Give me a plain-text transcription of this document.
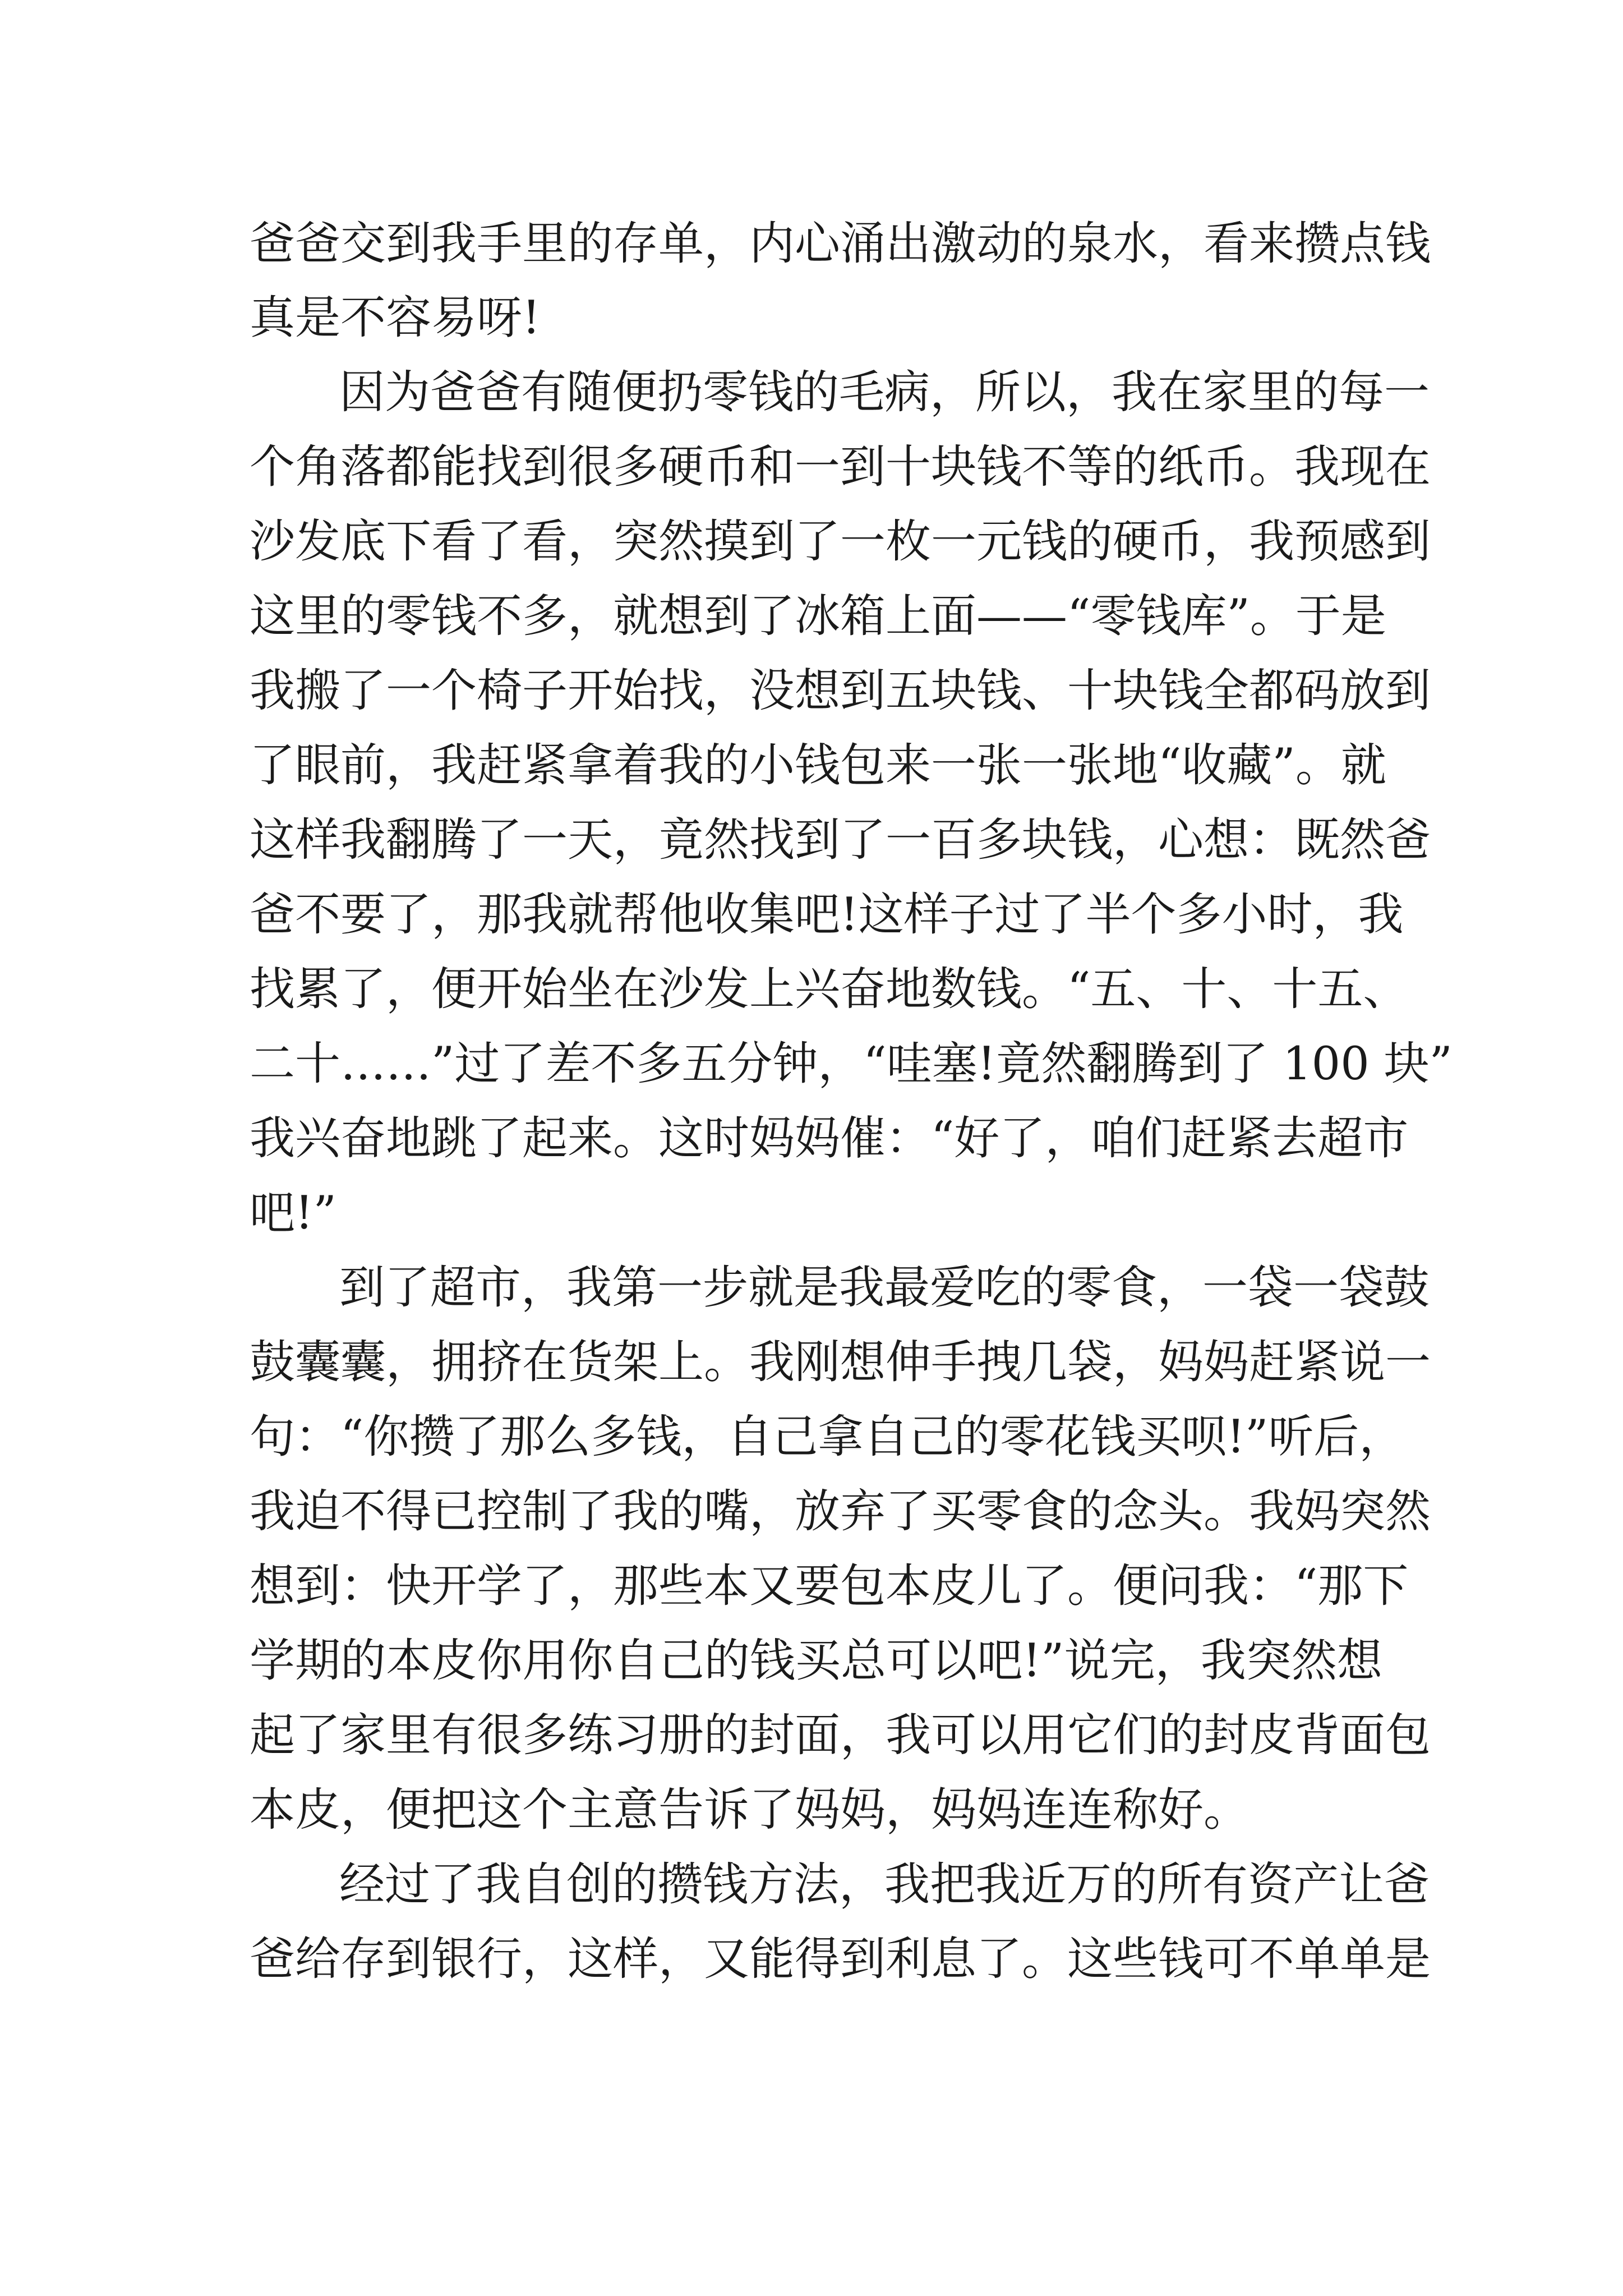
爸爸交到我手里的存单，内心涌出激动的泉水，看来攒点钱

真是不容易呀!

因为爸爸有随便扔零钱的毛病，所以，我在家里的每一

个角落都能找到很多硬币和一到十块钱不等的纸币。我现在

沙发底下看了看，突然摸到了一枚一元钱的硬币，我预感到

这里的零钱不多，就想到了冰箱上面——“零钱库”。于是

我搬了一个椅子开始找，没想到五块钱、十块钱全都码放到

了眼前，我赶紧拿着我的小钱包来一张一张地“收藏”。就

这样我翻腾了一天，竟然找到了一百多块钱，心想：既然爸

爸不要了，那我就帮他收集吧!这样子过了半个多小时，我

找累了，便开始坐在沙发上兴奋地数钱。“五、十、十五、

二十……”过了差不多五分钟，“哇塞!竟然翻腾到了 100 块”

我兴奋地跳了起来。这时妈妈催：“好了，咱们赶紧去超市

吧!”

到了超市，我第一步就是我最爱吃的零食，一袋一袋鼓

鼓囊囊，拥挤在货架上。我刚想伸手拽几袋，妈妈赶紧说一

句：“你攒了那么多钱，自己拿自己的零花钱买呗!”听后，

我迫不得已控制了我的嘴，放弃了买零食的念头。我妈突然

想到：快开学了，那些本又要包本皮儿了。便问我：“那下

学期的本皮你用你自己的钱买总可以吧!”说完，我突然想

起了家里有很多练习册的封面，我可以用它们的封皮背面包

本皮，便把这个主意告诉了妈妈，妈妈连连称好。

经过了我自创的攒钱方法，我把我近万的所有资产让爸

爸给存到银行，这样，又能得到利息了。这些钱可不单单是
